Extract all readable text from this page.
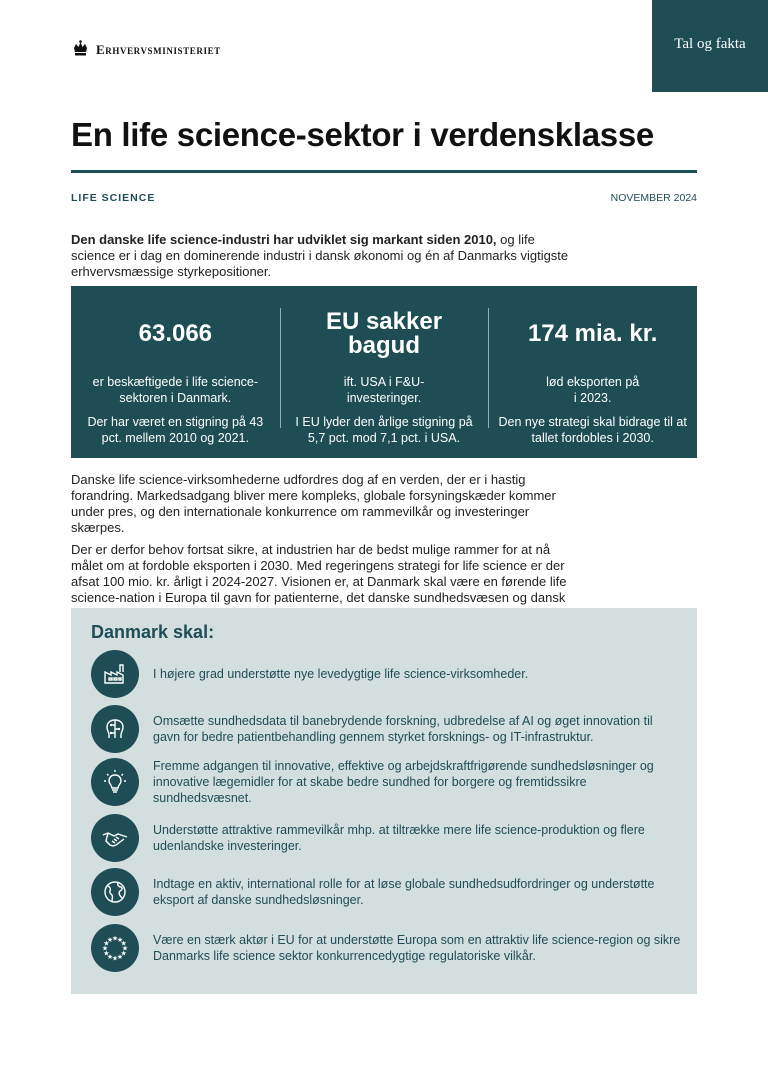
Erhvervsministeriet	Tal og fakta
En life science-sektor i verdensklasse
LIFE SCIENCE	NOVEMBER 2024

Den danske life science-industri har udviklet sig markant siden 2010, og life science er i dag en dominerende industri i dansk økonomi og én af Danmarks vigtigste erhvervsmæssige styrkepositioner.

63.066
er beskæftigede i life science-sektoren i Danmark.
Der har været en stigning på 43 pct. mellem 2010 og 2021.
EU sakker bagud
ift. USA i F&U-investeringer.
I EU lyder den årlige stigning på 5,7 pct. mod 7,1 pct. i USA.
174 mia. kr.
lød eksporten på i 2023.
Den nye strategi skal bidrage til at tallet fordobles i 2030.

Danske life science-virksomhederne udfordres dog af en verden, der er i hastig forandring. Markedsadgang bliver mere kompleks, globale forsyningskæder kommer under pres, og den internationale konkurrence om rammevilkår og investeringer skærpes.

Der er derfor behov fortsat sikre, at industrien har de bedst mulige rammer for at nå målet om at fordoble eksporten i 2030. Med regeringens strategi for life science er der afsat 100 mio. kr. årligt i 2024-2027. Visionen er, at Danmark skal være en førende life science-nation i Europa til gavn for patienterne, det danske sundhedsvæsen og dansk

Danmark skal:
I højere grad understøtte nye levedygtige life science-virksomheder.
Omsætte sundhedsdata til banebrydende forskning, udbredelse af AI og øget innovation til gavn for bedre patientbehandling gennem styrket forsknings- og IT-infrastruktur.
Fremme adgangen til innovative, effektive og arbejdskraftfrigørende sundhedsløsninger og innovative lægemidler for at skabe bedre sundhed for borgere og fremtidssikre sundhedsvæsnet.
Understøtte attraktive rammevilkår mhp. at tiltrække mere life science-produktion og flere udenlandske investeringer.
Indtage en aktiv, international rolle for at løse globale sundhedsudfordringer og understøtte eksport af danske sundhedsløsninger.
★
★
★
★
★
★
★
★
★
★
★
★ Være en stærk aktør i EU for at understøtte Europa som en attraktiv life science-region og sikre Danmarks life science sektor konkurrencedygtige regulatoriske vilkår.
